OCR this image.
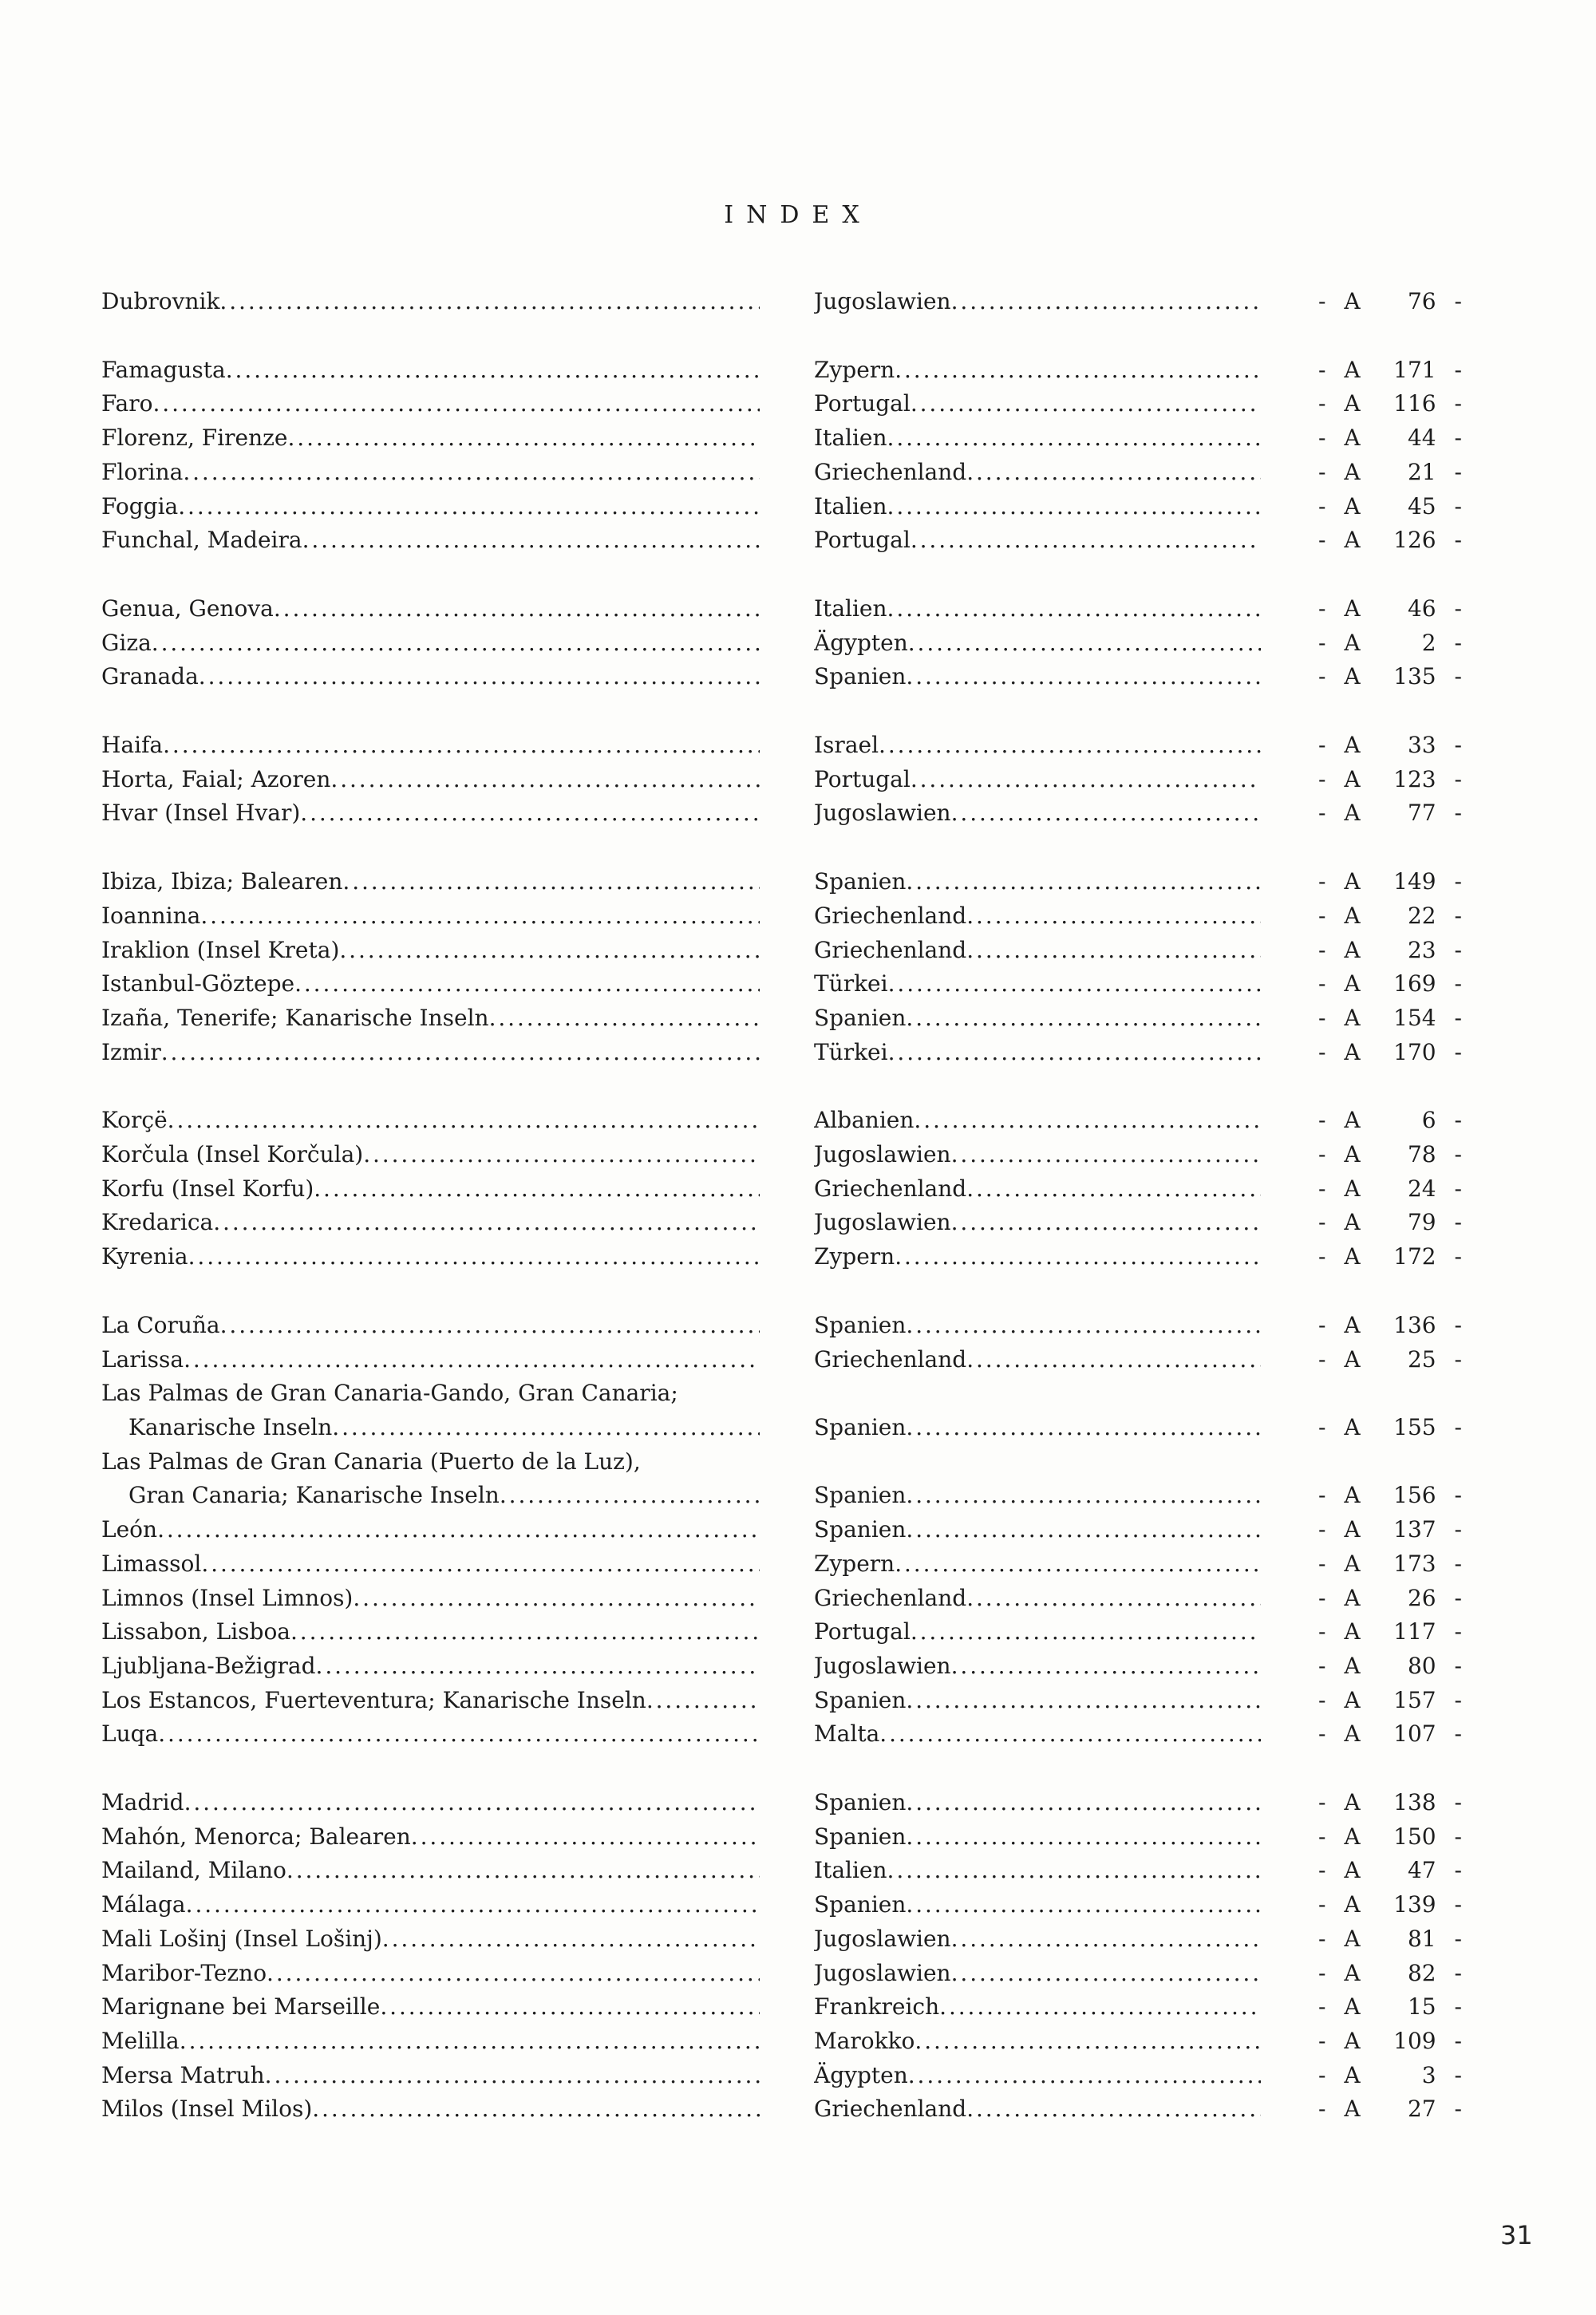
INDEX
Dubrovnik . . .	Jugoslawien . . .	- A	76 -
Famagusta . . .	Zypern . . .	- A	171 -
Faro . . .	Portugal . . .	- A	116 -
Florenz, Firenze . . .	Italien . . .	- A	44 -
Florina . . .	Griechenland . . .	- A	21 -
Foggia . . .	Italien . . .	- A	45 -
Funchal, Madeira . . .	Portugal . . .	- A	126 -
Genua, Genova . . .	Italien . . .	- A	46 -
Giza . . .	Ägypten . . .	- A	2 -
Granada . . .	Spanien . . .	- A	135 -
Haifa . . .	Israel . . .	- A	33 -
Horta, Faial; Azoren . . .	Portugal . . .	- A	123 -
Hvar (Insel Hvar) . . .	Jugoslawien . . .	- A	77 -
Ibiza, Ibiza; Balearen . . .	Spanien . . .	- A	149 -
Ioannina . . .	Griechenland . . .	- A	22 -
Iraklion (Insel Kreta) . . .	Griechenland . . .	- A	23 -
Istanbul-Göztepe . . .	Türkei . . .	- A	169 -
Izaña, Tenerife; Kanarische Inseln . . .	Spanien . . .	- A	154 -
Izmir . . .	Türkei . . .	- A	170 -
Korçë . . .	Albanien . . .	- A	6 -
Korčula (Insel Korčula) . . .	Jugoslawien . . .	- A	78 -
Korfu (Insel Korfu) . . .	Griechenland . . .	- A	24 -
Kredarica . . .	Jugoslawien . . .	- A	79 -
Kyrenia . . .	Zypern . . .	- A	172 -
La Coruña . . .	Spanien . . .	- A	136 -
Larissa . . .	Griechenland . . .	- A	25 -
Las Palmas de Gran Canaria-Gando, Gran Canaria;
Kanarische Inseln . . .	Spanien . . .	- A	155 -
Las Palmas de Gran Canaria (Puerto de la Luz),
Gran Canaria; Kanarische Inseln . . .	Spanien . . .	- A	156 -
León . . .	Spanien . . .	- A	137 -
Limassol . . .	Zypern . . .	- A	173 -
Limnos (Insel Limnos) . . .	Griechenland . . .	- A	26 -
Lissabon, Lisboa . . .	Portugal . . .	- A	117 -
Ljubljana-Bežigrad . . .	Jugoslawien . . .	- A	80 -
Los Estancos, Fuerteventura; Kanarische Inseln . . .	Spanien . . .	- A	157 -
Luqa . . .	Malta . . .	- A	107 -
Madrid . . .	Spanien . . .	- A	138 -
Mahón, Menorca; Balearen . . .	Spanien . . .	- A	150 -
Mailand, Milano . . .	Italien . . .	- A	47 -
Málaga . . .	Spanien . . .	- A	139 -
Mali Lošinj (Insel Lošinj) . . .	Jugoslawien . . .	- A	81 -
Maribor-Tezno . . .	Jugoslawien . . .	- A	82 -
Marignane bei Marseille . . .	Frankreich . . .	- A	15 -
Melilla . . .	Marokko . . .	- A	109 -
Mersa Matruh . . .	Ägypten . . .	- A	3 -
Milos (Insel Milos) . . .	Griechenland . . .	- A	27 -
31
